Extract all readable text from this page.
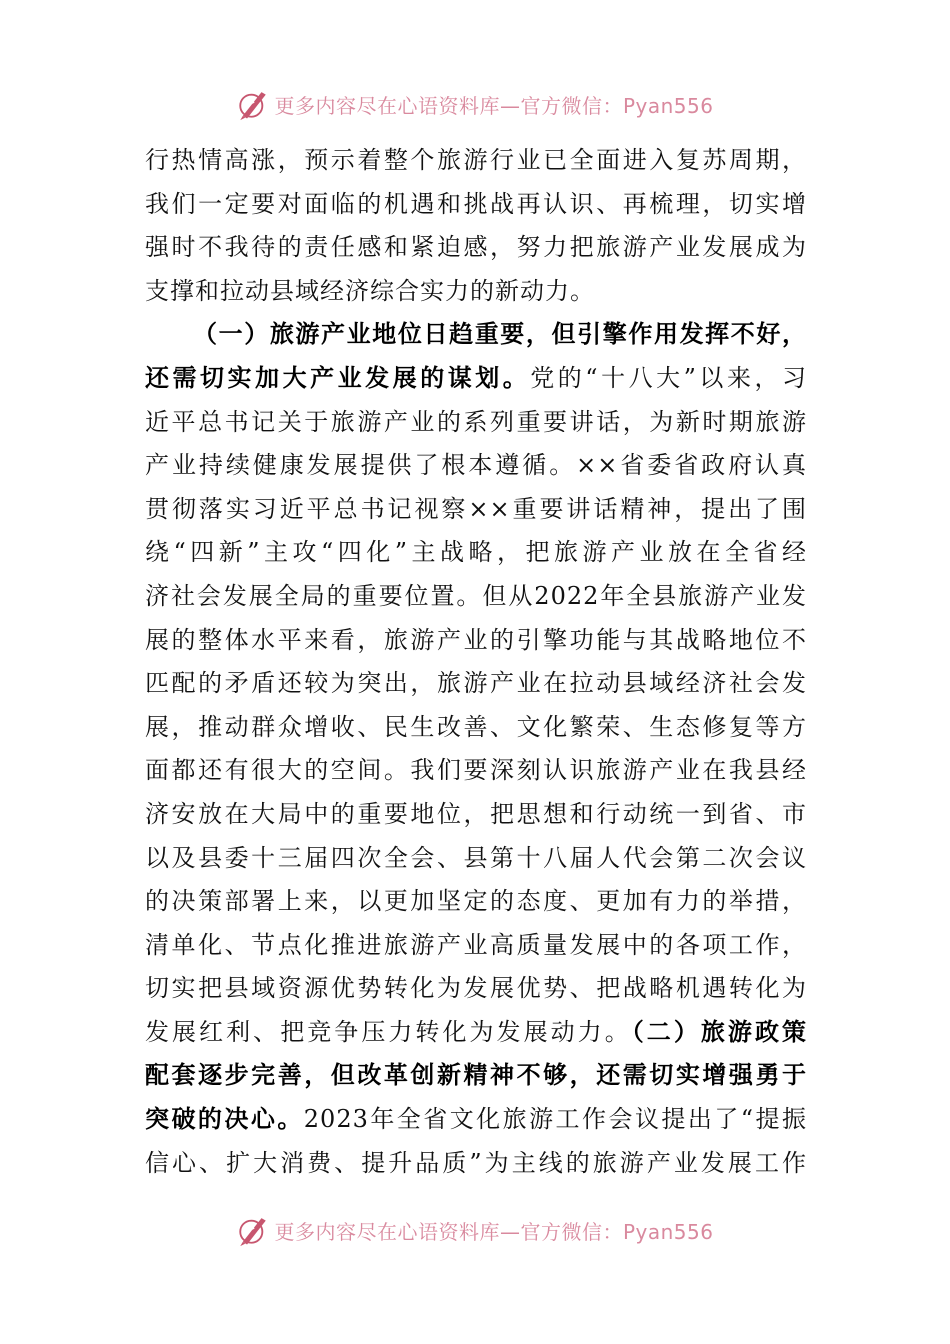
更多内容尽在心语资料库—官方微信：Pyan556
行热情高涨，预示着整个旅游行业已全面进入复苏周期，
我们一定要对面临的机遇和挑战再认识、再梳理，切实增
强时不我待的责任感和紧迫感，努力把旅游产业发展成为
支撑和拉动县域经济综合实力的新动力。
（一）旅游产业地位日趋重要，但引擎作用发挥不好，
还需切实加大产业发展的谋划。党的“十八大”以来，习
近平总书记关于旅游产业的系列重要讲话，为新时期旅游
产业持续健康发展提供了根本遵循。××省委省政府认真
贯彻落实习近平总书记视察××重要讲话精神，提出了围
绕“四新”主攻“四化”主战略，把旅游产业放在全省经
济社会发展全局的重要位置。但从2022年全县旅游产业发
展的整体水平来看，旅游产业的引擎功能与其战略地位不
匹配的矛盾还较为突出，旅游产业在拉动县域经济社会发
展，推动群众增收、民生改善、文化繁荣、生态修复等方
面都还有很大的空间。我们要深刻认识旅游产业在我县经
济安放在大局中的重要地位，把思想和行动统一到省、市
以及县委十三届四次全会、县第十八届人代会第二次会议
的决策部署上来，以更加坚定的态度、更加有力的举措，
清单化、节点化推进旅游产业高质量发展中的各项工作，
切实把县域资源优势转化为发展优势、把战略机遇转化为
发展红利、把竞争压力转化为发展动力。（二）旅游政策
配套逐步完善，但改革创新精神不够，还需切实增强勇于
突破的决心。2023年全省文化旅游工作会议提出了“提振
信心、扩大消费、提升品质”为主线的旅游产业发展工作
更多内容尽在心语资料库—官方微信：Pyan556
